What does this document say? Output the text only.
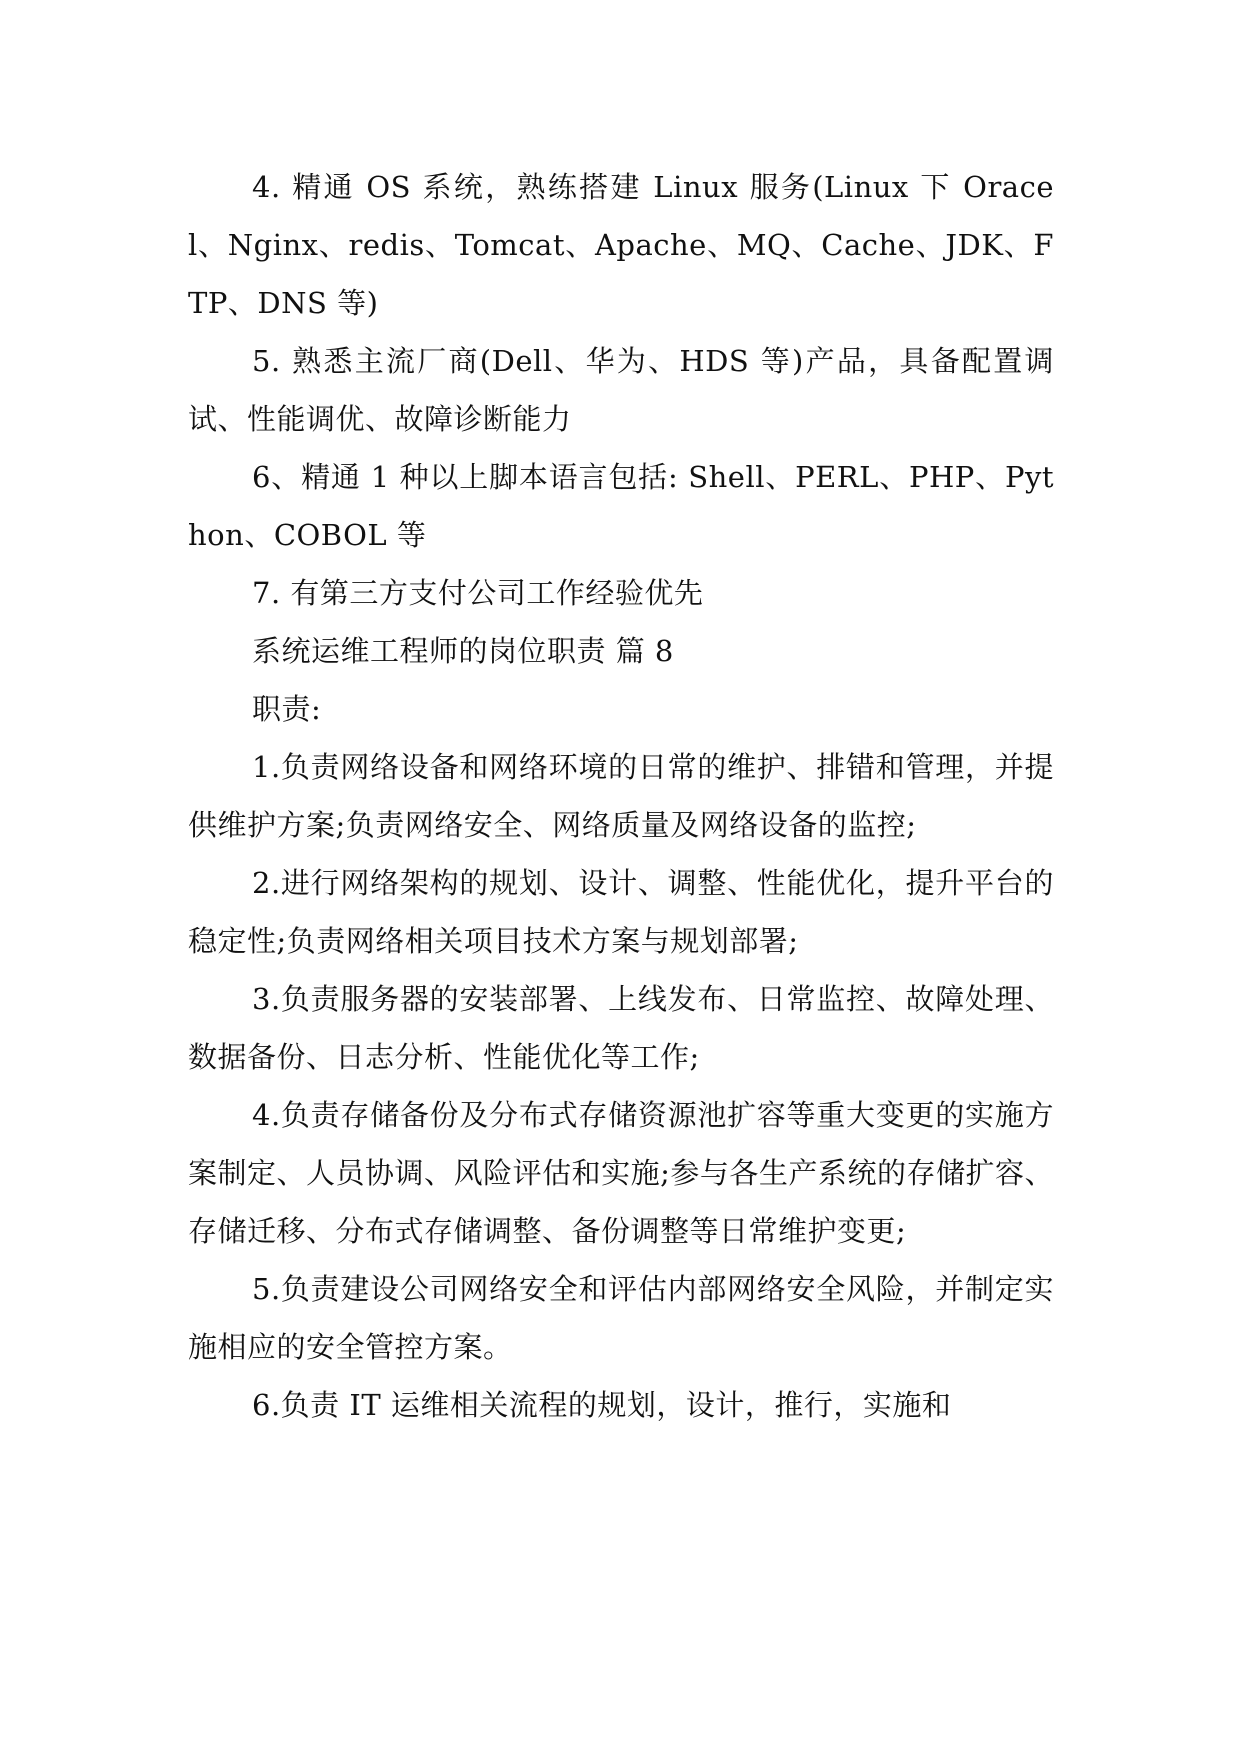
4. 精通 OS 系统，熟练搭建 Linux 服务(Linux 下 Oracel、Nginx、redis、Tomcat、Apache、MQ、Cache、JDK、FTP、DNS 等)

5. 熟悉主流厂商(Dell、华为、HDS 等)产品，具备配置调试、性能调优、故障诊断能力

6、精通 1 种以上脚本语言包括: Shell、PERL、PHP、Python、COBOL 等

7. 有第三方支付公司工作经验优先

系统运维工程师的岗位职责 篇 8

职责:

1.负责网络设备和网络环境的日常的维护、排错和管理，并提供维护方案;负责网络安全、网络质量及网络设备的监控;

2.进行网络架构的规划、设计、调整、性能优化，提升平台的稳定性;负责网络相关项目技术方案与规划部署;

3.负责服务器的安装部署、上线发布、日常监控、故障处理、数据备份、日志分析、性能优化等工作;

4.负责存储备份及分布式存储资源池扩容等重大变更的实施方案制定、人员协调、风险评估和实施;参与各生产系统的存储扩容、存储迁移、分布式存储调整、备份调整等日常维护变更;

5.负责建设公司网络安全和评估内部网络安全风险，并制定实施相应的安全管控方案。

6.负责 IT 运维相关流程的规划，设计，推行，实施和
